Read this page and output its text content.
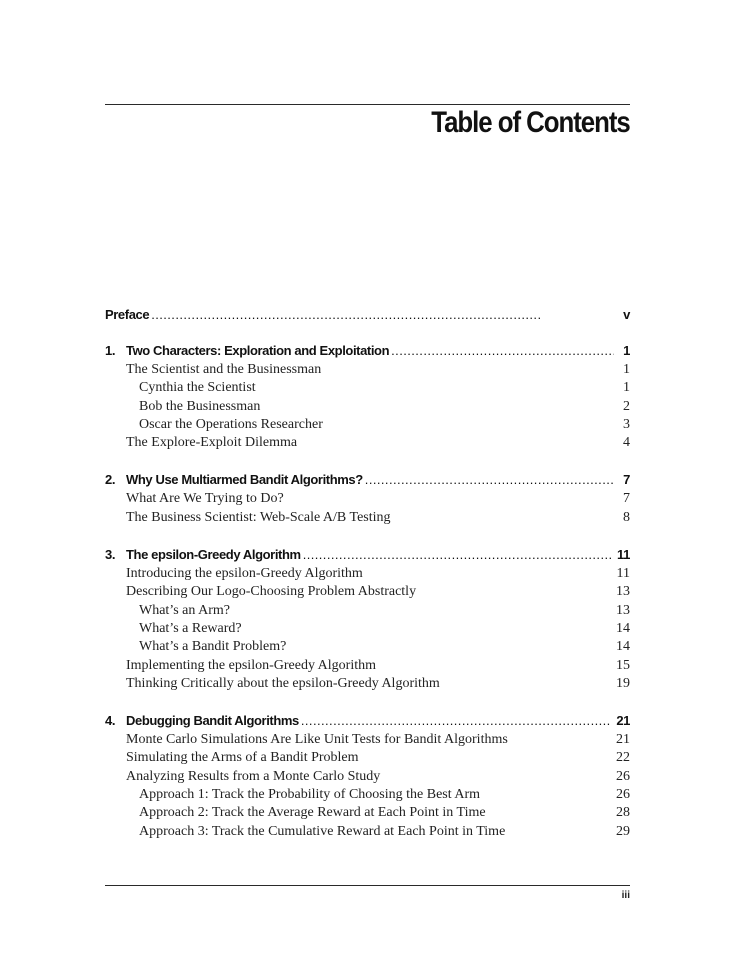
Table of Contents
Preface . . .	v
1. Two Characters: Exploration and Exploitation . . .	1
The Scientist and the Businessman	1
Cynthia the Scientist	1
Bob the Businessman	2
Oscar the Operations Researcher	3
The Explore-Exploit Dilemma	4
2. Why Use Multiarmed Bandit Algorithms? . . .	7
What Are We Trying to Do?	7
The Business Scientist: Web-Scale A/B Testing	8
3. The epsilon-Greedy Algorithm . . .	11
Introducing the epsilon-Greedy Algorithm	11
Describing Our Logo-Choosing Problem Abstractly	13
What’s an Arm?	13
What’s a Reward?	14
What’s a Bandit Problem?	14
Implementing the epsilon-Greedy Algorithm	15
Thinking Critically about the epsilon-Greedy Algorithm	19
4. Debugging Bandit Algorithms . . .	21
Monte Carlo Simulations Are Like Unit Tests for Bandit Algorithms	21
Simulating the Arms of a Bandit Problem	22
Analyzing Results from a Monte Carlo Study	26
Approach 1: Track the Probability of Choosing the Best Arm	26
Approach 2: Track the Average Reward at Each Point in Time	28
Approach 3: Track the Cumulative Reward at Each Point in Time	29
iii
